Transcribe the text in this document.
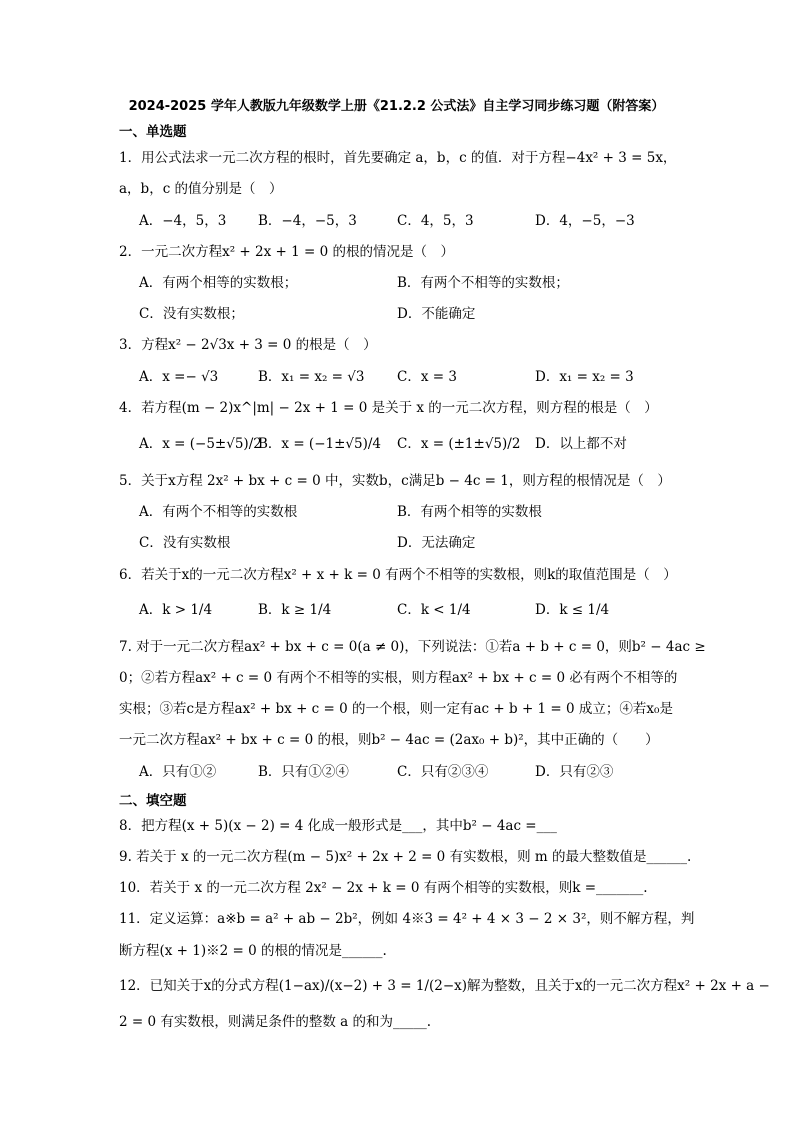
2024-2025 学年人教版九年级数学上册《21.2.2 公式法》自主学习同步练习题（附答案）
一、单选题
1．用公式法求一元二次方程的根时，首先要确定 a，b，c 的值．对于方程−4x² + 3 = 5x，
a，b，c 的值分别是（　）
A．−4，5，3 B．−4，−5，3	C．4，5，3	D．4，−5，−3
2．一元二次方程x² + 2x + 1 = 0 的根的情况是（　）
A．有两个相等的实数根；	B．有两个不相等的实数根；
C．没有实数根；	D．不能确定
3．方程x² − 2√3x + 3 = 0 的根是（　）
A．x =− √3	B．x₁ = x₂ = √3 C．x = 3	D．x₁ = x₂ = 3
4．若方程(m − 2)x^|m| − 2x + 1 = 0 是关于 x 的一元二次方程，则方程的根是（　）
A．x = (−5±√5)/2
B．x = (−1±√5)/4 C．x = (±1±√5)/2 D．以上都不对
5．关于x方程 2x² + bx + c = 0 中，实数b，c满足b − 4c = 1，则方程的根情况是（　）
A．有两个不相等的实数根	B．有两个相等的实数根
C．没有实数根	D．无法确定
6．若关于x的一元二次方程x² + x + k = 0 有两个不相等的实数根，则k的取值范围是（　）
A．k > 1/4	B．k ≥ 1/4	C．k < 1/4	D．k ≤ 1/4
7. 对于一元二次方程ax² + bx + c = 0(a ≠ 0)，下列说法：①若a + b + c = 0，则b² − 4ac ≥
0；②若方程ax² + c = 0 有两个不相等的实根，则方程ax² + bx + c = 0 必有两个不相等的
实根；③若c是方程ax² + bx + c = 0 的一个根，则一定有ac + b + 1 = 0 成立；④若x₀是
一元二次方程ax² + bx + c = 0 的根，则b² − 4ac = (2ax₀ + b)²，其中正确的（　　）
A．只有①②	B．只有①②④	C．只有②③④	D．只有②③
二、填空题
8．把方程(x + 5)(x − 2) = 4 化成一般形式是___，其中b² − 4ac =___
9. 若关于 x 的一元二次方程(m − 5)x² + 2x + 2 = 0 有实数根，则 m 的最大整数值是______.
10．若关于 x 的一元二次方程 2x² − 2x + k = 0 有两个相等的实数根，则k =_______.
11．定义运算：a※b = a² + ab − 2b²，例如 4※3 = 4² + 4 × 3 − 2 × 3²，则不解方程，判
断方程(x + 1)※2 = 0 的根的情况是______.
12．已知关于x的分式方程(1−ax)/(x−2) + 3 = 1/(2−x)解为整数，且关于x的一元二次方程x² + 2x + a −
2 = 0 有实数根，则满足条件的整数 a 的和为_____.
